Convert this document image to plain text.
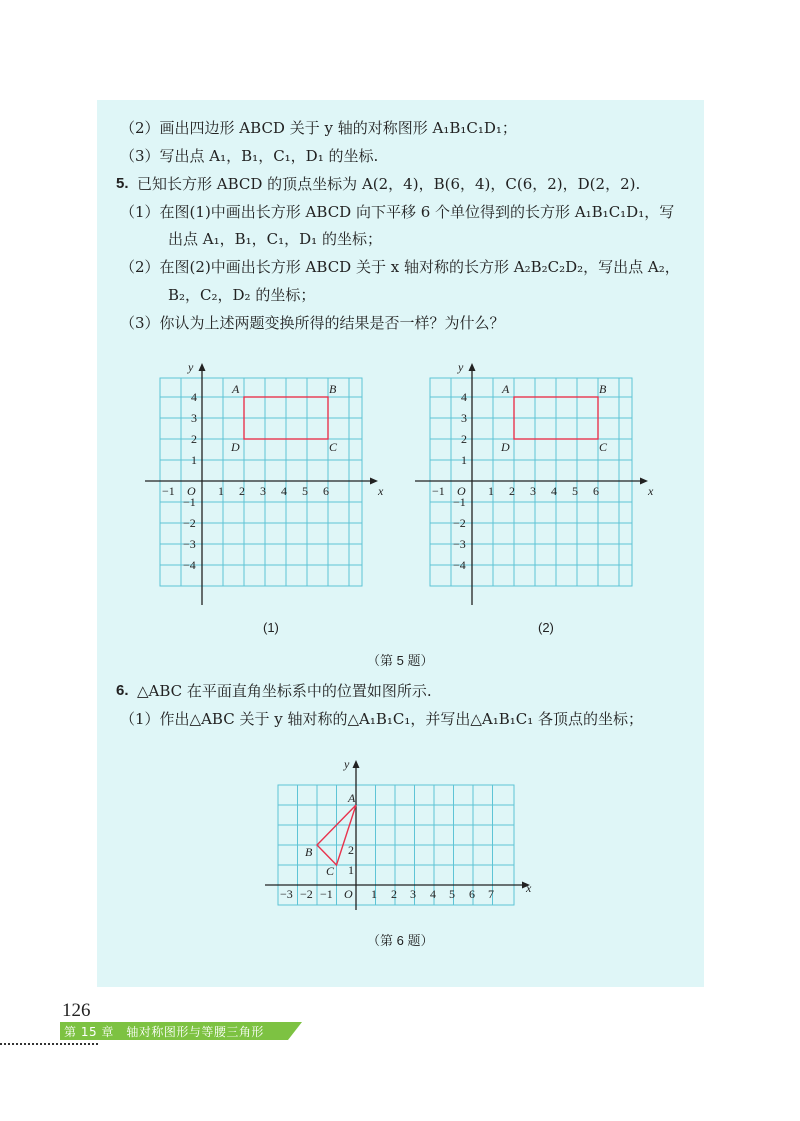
（2）画出四边形 ABCD 关于 y 轴的对称图形 A₁B₁C₁D₁；
（3）写出点 A₁，B₁，C₁，D₁ 的坐标.
5. 已知长方形 ABCD 的顶点坐标为 A(2，4)，B(6，4)，C(6，2)，D(2，2).
（1）在图(1)中画出长方形 ABCD 向下平移 6 个单位得到的长方形 A₁B₁C₁D₁，写
出点 A₁，B₁，C₁，D₁ 的坐标；
（2）在图(2)中画出长方形 ABCD 关于 x 轴对称的长方形 A₂B₂C₂D₂，写出点 A₂，
B₂，C₂，D₂ 的坐标；
（3）你认为上述两题变换所得的结果是否一样？为什么？
y
x
O
−1	1 2 3 4 5 6
4
3
2
1
−1
−2
−3
−4
A	B
C
D
y
x
O
−1	1 2 3 4 5 6
4
3
2
1
−1
−2
−3
−4
A	B
C
D
(1)	(2)
（第 5 题）
6. △ABC 在平面直角坐标系中的位置如图所示.
（1）作出△ABC 关于 y 轴对称的△A₁B₁C₁，并写出△A₁B₁C₁ 各顶点的坐标；
y
x
O
−3 −2 −1	1 2 3 4 5 6 7
2
1
A
B
C
（第 6 题）
126
第 15 章　轴对称图形与等腰三角形
